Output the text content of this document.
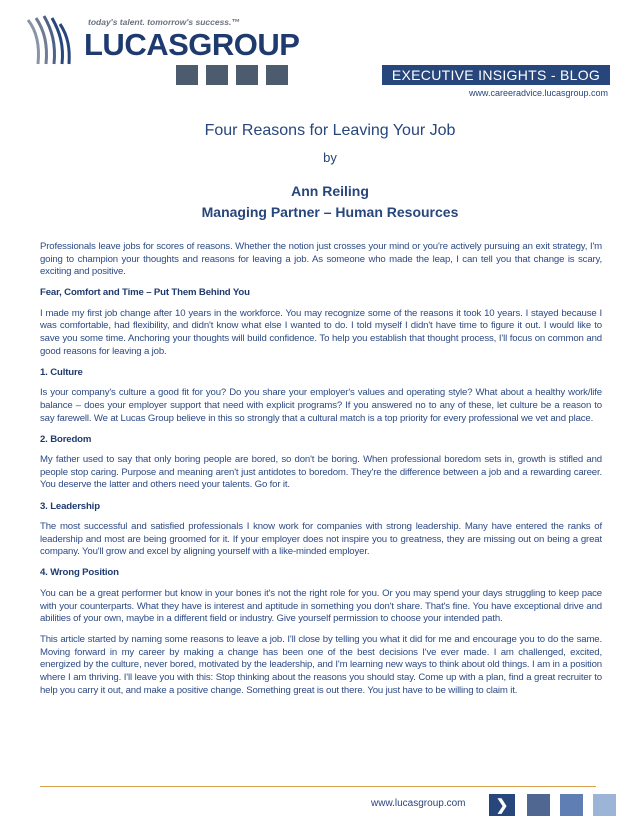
today's talent. tomorrow's success.™
LUCASGROUP
EXECUTIVE INSIGHTS - BLOG
www.careeradvice.lucasgroup.com
Four Reasons for Leaving Your Job
by
Ann Reiling
Managing Partner – Human Resources

Professionals leave jobs for scores of reasons. Whether the notion just crosses your mind or you're actively pursuing an exit strategy, I'm going to champion your thoughts and reasons for leaving a job. As someone who made the leap, I can tell you that change is scary, exciting and positive.

Fear, Comfort and Time – Put Them Behind You

I made my first job change after 10 years in the workforce. You may recognize some of the reasons it took 10 years. I stayed because I was comfortable, had flexibility, and didn't know what else I wanted to do. I told myself I didn't have time to figure it out. I would like to save you some time. Anchoring your thoughts will build confidence. To help you establish that thought process, I'll focus on common and good reasons for leaving a job.

1. Culture

Is your company's culture a good fit for you? Do you share your employer's values and operating style? What about a healthy work/life balance – does your employer support that need with explicit programs? If you answered no to any of these, let culture be a reason to say farewell. We at Lucas Group believe in this so strongly that a cultural match is a top priority for every professional we vet and place.

2. Boredom

My father used to say that only boring people are bored, so don't be boring. When professional boredom sets in, growth is stifled and people stop caring. Purpose and meaning aren't just antidotes to boredom. They're the difference between a job and a rewarding career. You deserve the latter and others need your talents. Go for it.

3. Leadership

The most successful and satisfied professionals I know work for companies with strong leadership. Many have entered the ranks of leadership and most are being groomed for it. If your employer does not inspire you to greatness, they are missing out on being a great company. You'll grow and excel by aligning yourself with a like-minded employer.

4. Wrong Position

You can be a great performer but know in your bones it's not the right role for you. Or you may spend your days struggling to keep pace with your counterparts. What they have is interest and aptitude in something you don't share. That's fine. You have exceptional drive and abilities of your own, maybe in a different field or industry. Give yourself permission to choose your intended path.

This article started by naming some reasons to leave a job. I'll close by telling you what it did for me and encourage you to do the same. Moving forward in my career by making a change has been one of the best decisions I've ever made. I am challenged, excited, energized by the culture, never bored, motivated by the leadership, and I'm learning new ways to think about old things. I am in a position where I am thriving. I'll leave you with this: Stop thinking about the reasons you should stay. Come up with a plan, find a great recruiter to help you carry it out, and make a positive change. Something great is out there. You just have to be willing to claim it.

www.lucasgroup.com	❯
